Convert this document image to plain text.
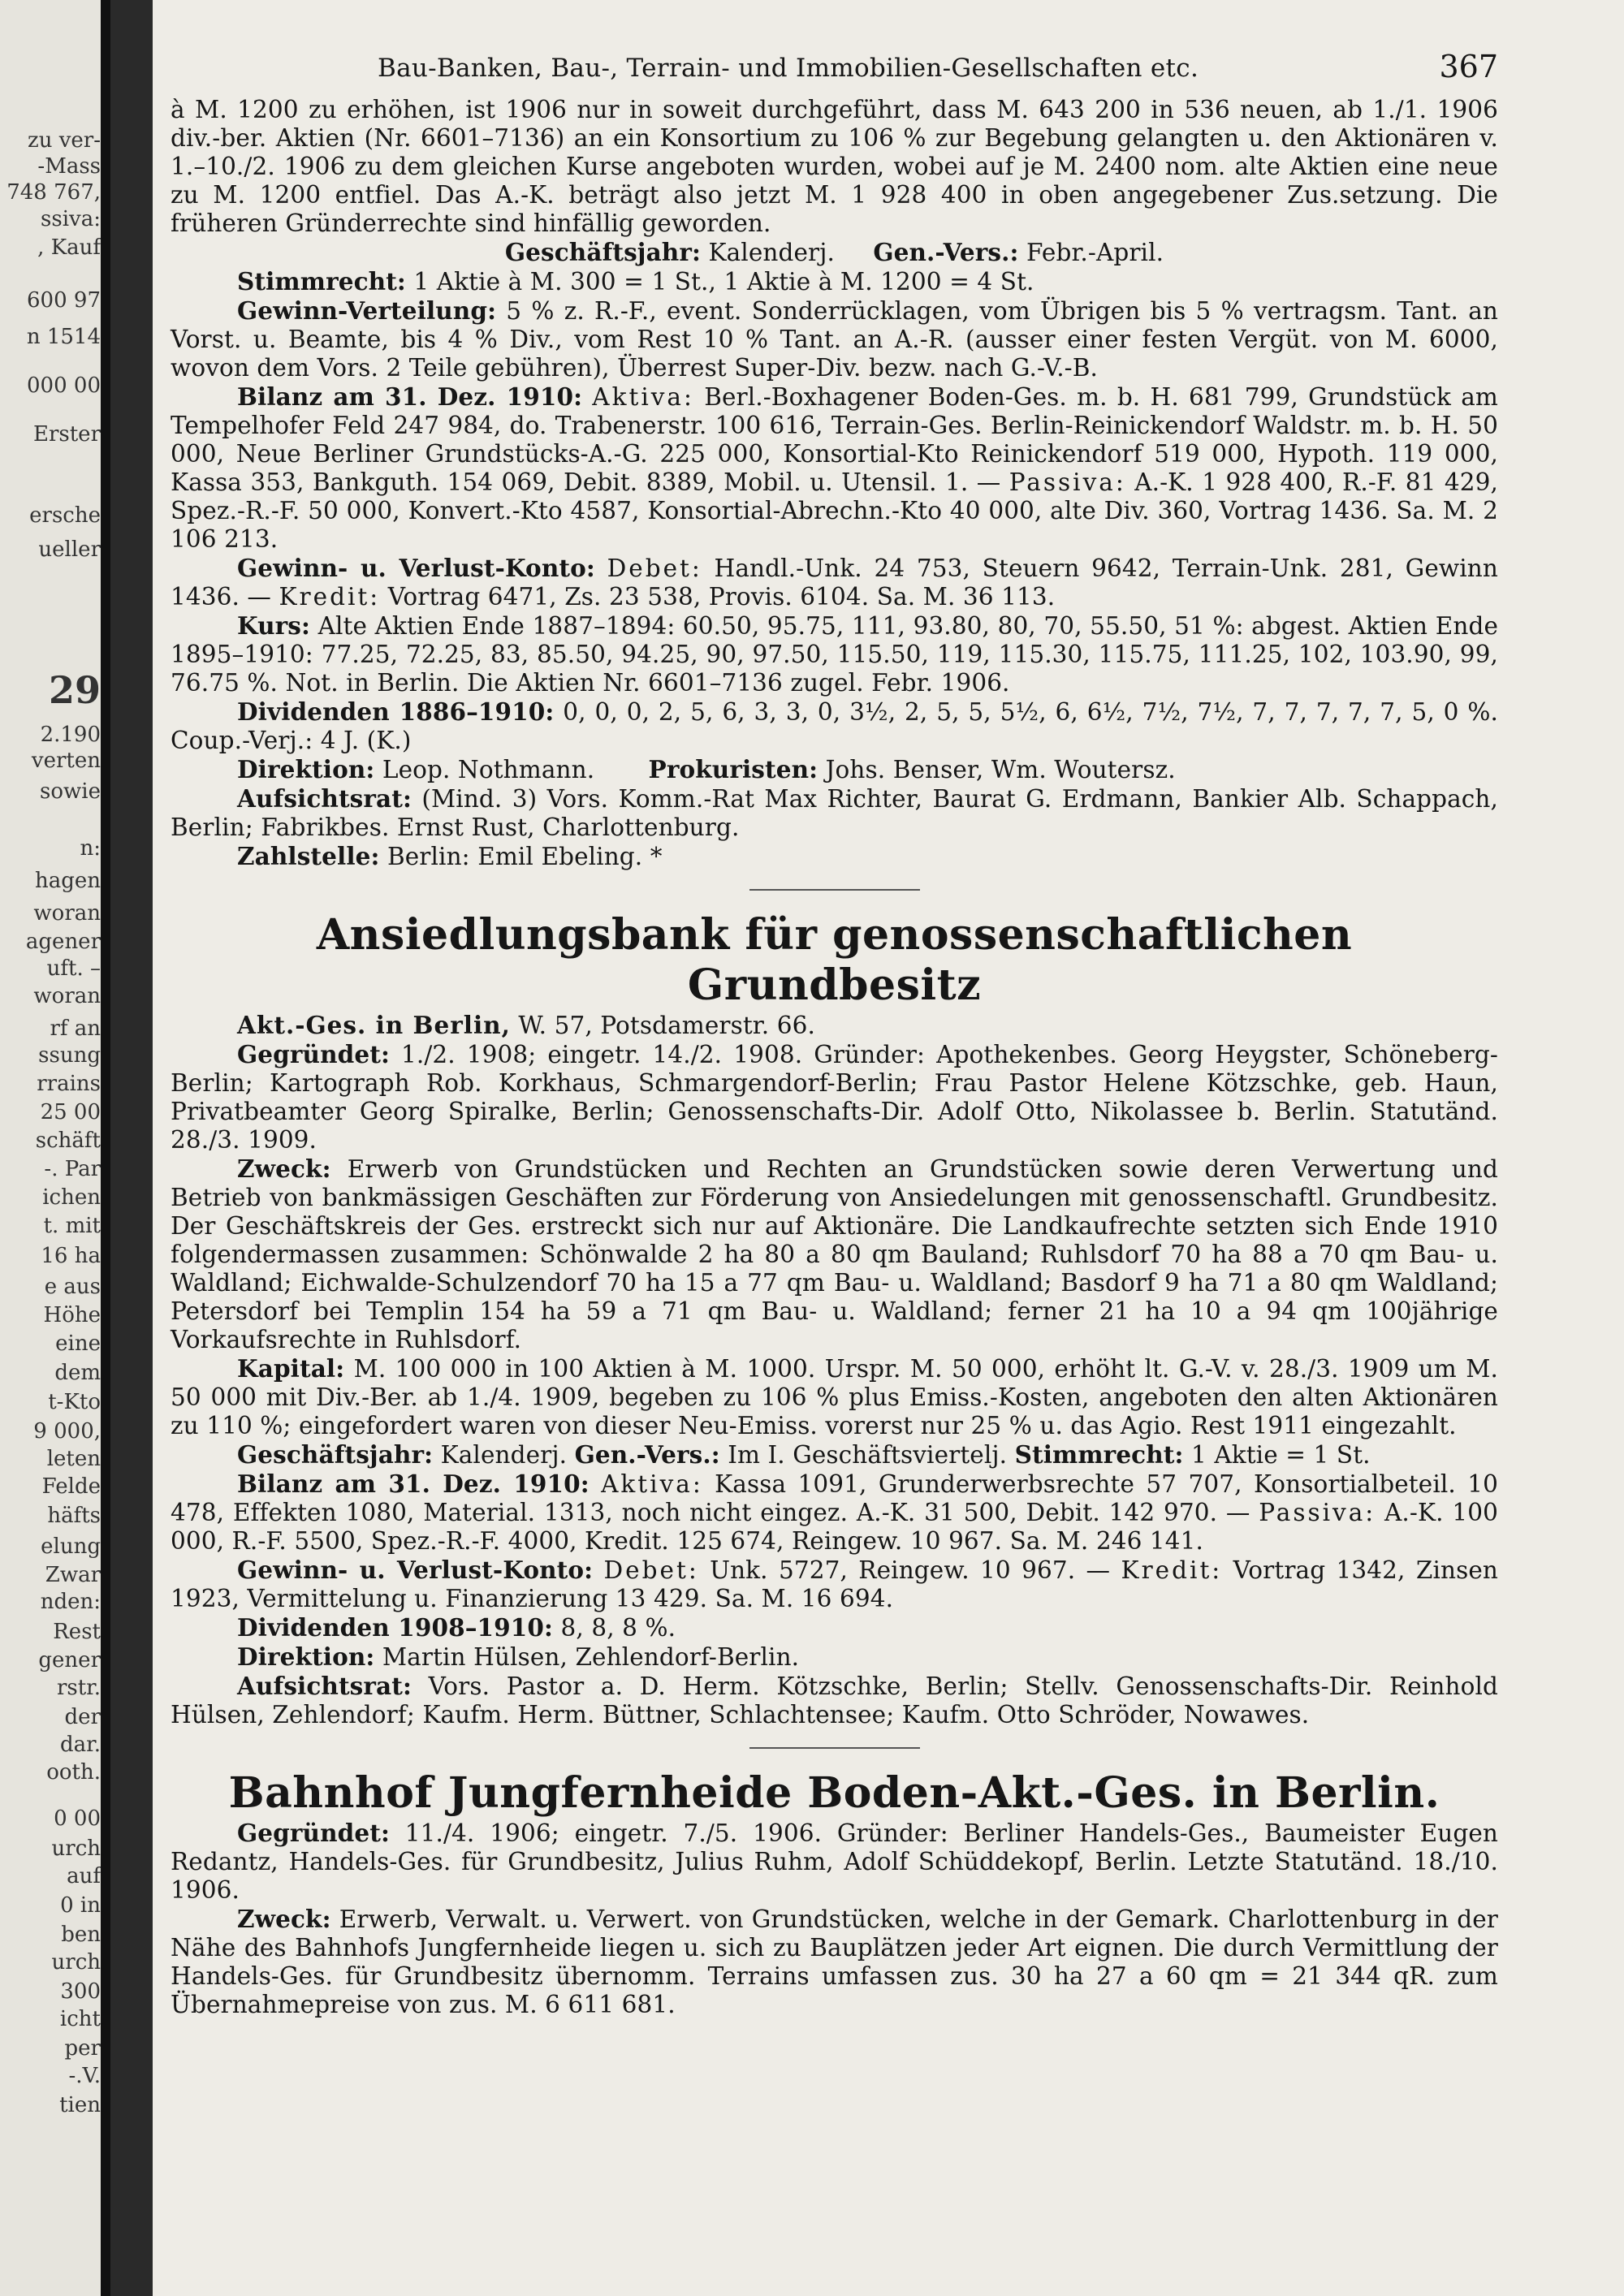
zu ver-
-Mass
748 767,
ssiva:
, Kauf
600 97
n 1514
000 00
Erster
ersche
ueller
29
2.190
verten
sowie
n:
hagen
woran
agener
uft. –
woran
rf an
ssung
rrains
25 00
schäft
-. Par
ichen
t. mit
16 ha
e aus
Höhe
eine
dem
t-Kto
9 000,
leten
Felde
häfts
elung
Zwar
nden:
Rest
gener
rstr.
der
dar.
ooth.
0 00
urch
auf
0 in
ben
urch
300
icht
per
-.V.
tien
Bau-Banken, Bau-, Terrain- und Immobilien-Gesellschaften etc.	367

à M. 1200 zu erhöhen, ist 1906 nur in soweit durchgeführt, dass M. 643 200 in 536 neuen, ab 1./1. 1906 div.-ber. Aktien (Nr. 6601–7136) an ein Konsortium zu 106 % zur Begebung gelangten u. den Aktionären v. 1.–10./2. 1906 zu dem gleichen Kurse angeboten wurden, wobei auf je M. 2400 nom. alte Aktien eine neue zu M. 1200 entfiel. Das A.-K. beträgt also jetzt M. 1 928 400 in oben angegebener Zus.setzung. Die früheren Gründerrechte sind hinfällig geworden.

Geschäftsjahr: Kalenderj. Gen.-Vers.: Febr.-April.

Stimmrecht: 1 Aktie à M. 300 = 1 St., 1 Aktie à M. 1200 = 4 St.

Gewinn-Verteilung: 5 % z. R.-F., event. Sonderrücklagen, vom Übrigen bis 5 % vertragsm. Tant. an Vorst. u. Beamte, bis 4 % Div., vom Rest 10 % Tant. an A.-R. (ausser einer festen Vergüt. von M. 6000, wovon dem Vors. 2 Teile gebühren), Überrest Super-Div. bezw. nach G.-V.-B.

Bilanz am 31. Dez. 1910: Aktiva: Berl.-Boxhagener Boden-Ges. m. b. H. 681 799, Grundstück am Tempelhofer Feld 247 984, do. Trabenerstr. 100 616, Terrain-Ges. Berlin-Reinickendorf Waldstr. m. b. H. 50 000, Neue Berliner Grundstücks-A.-G. 225 000, Konsortial-Kto Reinickendorf 519 000, Hypoth. 119 000, Kassa 353, Bankguth. 154 069, Debit. 8389, Mobil. u. Utensil. 1. — Passiva: A.-K. 1 928 400, R.-F. 81 429, Spez.-R.-F. 50 000, Konvert.-Kto 4587, Konsortial-Abrechn.-Kto 40 000, alte Div. 360, Vortrag 1436. Sa. M. 2 106 213.

Gewinn- u. Verlust-Konto: Debet: Handl.-Unk. 24 753, Steuern 9642, Terrain-Unk. 281, Gewinn 1436. — Kredit: Vortrag 6471, Zs. 23 538, Provis. 6104. Sa. M. 36 113.

Kurs: Alte Aktien Ende 1887–1894: 60.50, 95.75, 111, 93.80, 80, 70, 55.50, 51 %: abgest. Aktien Ende 1895–1910: 77.25, 72.25, 83, 85.50, 94.25, 90, 97.50, 115.50, 119, 115.30, 115.75, 111.25, 102, 103.90, 99, 76.75 %. Not. in Berlin. Die Aktien Nr. 6601–7136 zugel. Febr. 1906.

Dividenden 1886–1910: 0, 0, 0, 2, 5, 6, 3, 3, 0, 3½, 2, 5, 5, 5½, 6, 6½, 7½, 7½, 7, 7, 7, 7, 7, 5, 0 %. Coup.-Verj.: 4 J. (K.)

Direktion: Leop. Nothmann. Prokuristen: Johs. Benser, Wm. Woutersz.

Aufsichtsrat: (Mind. 3) Vors. Komm.-Rat Max Richter, Baurat G. Erdmann, Bankier Alb. Schappach, Berlin; Fabrikbes. Ernst Rust, Charlottenburg.

Zahlstelle: Berlin: Emil Ebeling. *

Ansiedlungsbank für genossenschaftlichen Grundbesitz

Akt.-Ges. in Berlin, W. 57, Potsdamerstr. 66.

Gegründet: 1./2. 1908; eingetr. 14./2. 1908. Gründer: Apothekenbes. Georg Heygster, Schöneberg-Berlin; Kartograph Rob. Korkhaus, Schmargendorf-Berlin; Frau Pastor Helene Kötzschke, geb. Haun, Privatbeamter Georg Spiralke, Berlin; Genossenschafts-Dir. Adolf Otto, Nikolassee b. Berlin. Statutänd. 28./3. 1909.

Zweck: Erwerb von Grundstücken und Rechten an Grundstücken sowie deren Verwertung und Betrieb von bankmässigen Geschäften zur Förderung von Ansiedelungen mit genossenschaftl. Grundbesitz. Der Geschäftskreis der Ges. erstreckt sich nur auf Aktionäre. Die Landkaufrechte setzten sich Ende 1910 folgendermassen zusammen: Schönwalde 2 ha 80 a 80 qm Bauland; Ruhlsdorf 70 ha 88 a 70 qm Bau- u. Waldland; Eichwalde-Schulzendorf 70 ha 15 a 77 qm Bau- u. Waldland; Basdorf 9 ha 71 a 80 qm Waldland; Petersdorf bei Templin 154 ha 59 a 71 qm Bau- u. Waldland; ferner 21 ha 10 a 94 qm 100jährige Vorkaufsrechte in Ruhlsdorf.

Kapital: M. 100 000 in 100 Aktien à M. 1000. Urspr. M. 50 000, erhöht lt. G.-V. v. 28./3. 1909 um M. 50 000 mit Div.-Ber. ab 1./4. 1909, begeben zu 106 % plus Emiss.-Kosten, angeboten den alten Aktionären zu 110 %; eingefordert waren von dieser Neu-Emiss. vorerst nur 25 % u. das Agio. Rest 1911 eingezahlt.

Geschäftsjahr: Kalenderj. Gen.-Vers.: Im I. Geschäftsviertelj. Stimmrecht: 1 Aktie = 1 St.

Bilanz am 31. Dez. 1910: Aktiva: Kassa 1091, Grunderwerbsrechte 57 707, Konsortialbeteil. 10 478, Effekten 1080, Material. 1313, noch nicht eingez. A.-K. 31 500, Debit. 142 970. — Passiva: A.-K. 100 000, R.-F. 5500, Spez.-R.-F. 4000, Kredit. 125 674, Reingew. 10 967. Sa. M. 246 141.

Gewinn- u. Verlust-Konto: Debet: Unk. 5727, Reingew. 10 967. — Kredit: Vortrag 1342, Zinsen 1923, Vermittelung u. Finanzierung 13 429. Sa. M. 16 694.

Dividenden 1908–1910: 8, 8, 8 %.

Direktion: Martin Hülsen, Zehlendorf-Berlin.

Aufsichtsrat: Vors. Pastor a. D. Herm. Kötzschke, Berlin; Stellv. Genossenschafts-Dir. Reinhold Hülsen, Zehlendorf; Kaufm. Herm. Büttner, Schlachtensee; Kaufm. Otto Schröder, Nowawes.

Bahnhof Jungfernheide Boden-Akt.-Ges. in Berlin.

Gegründet: 11./4. 1906; eingetr. 7./5. 1906. Gründer: Berliner Handels-Ges., Baumeister Eugen Redantz, Handels-Ges. für Grundbesitz, Julius Ruhm, Adolf Schüddekopf, Berlin. Letzte Statutänd. 18./10. 1906.

Zweck: Erwerb, Verwalt. u. Verwert. von Grundstücken, welche in der Gemark. Charlottenburg in der Nähe des Bahnhofs Jungfernheide liegen u. sich zu Bauplätzen jeder Art eignen. Die durch Vermittlung der Handels-Ges. für Grundbesitz übernomm. Terrains umfassen zus. 30 ha 27 a 60 qm = 21 344 qR. zum Übernahmepreise von zus. M. 6 611 681.
